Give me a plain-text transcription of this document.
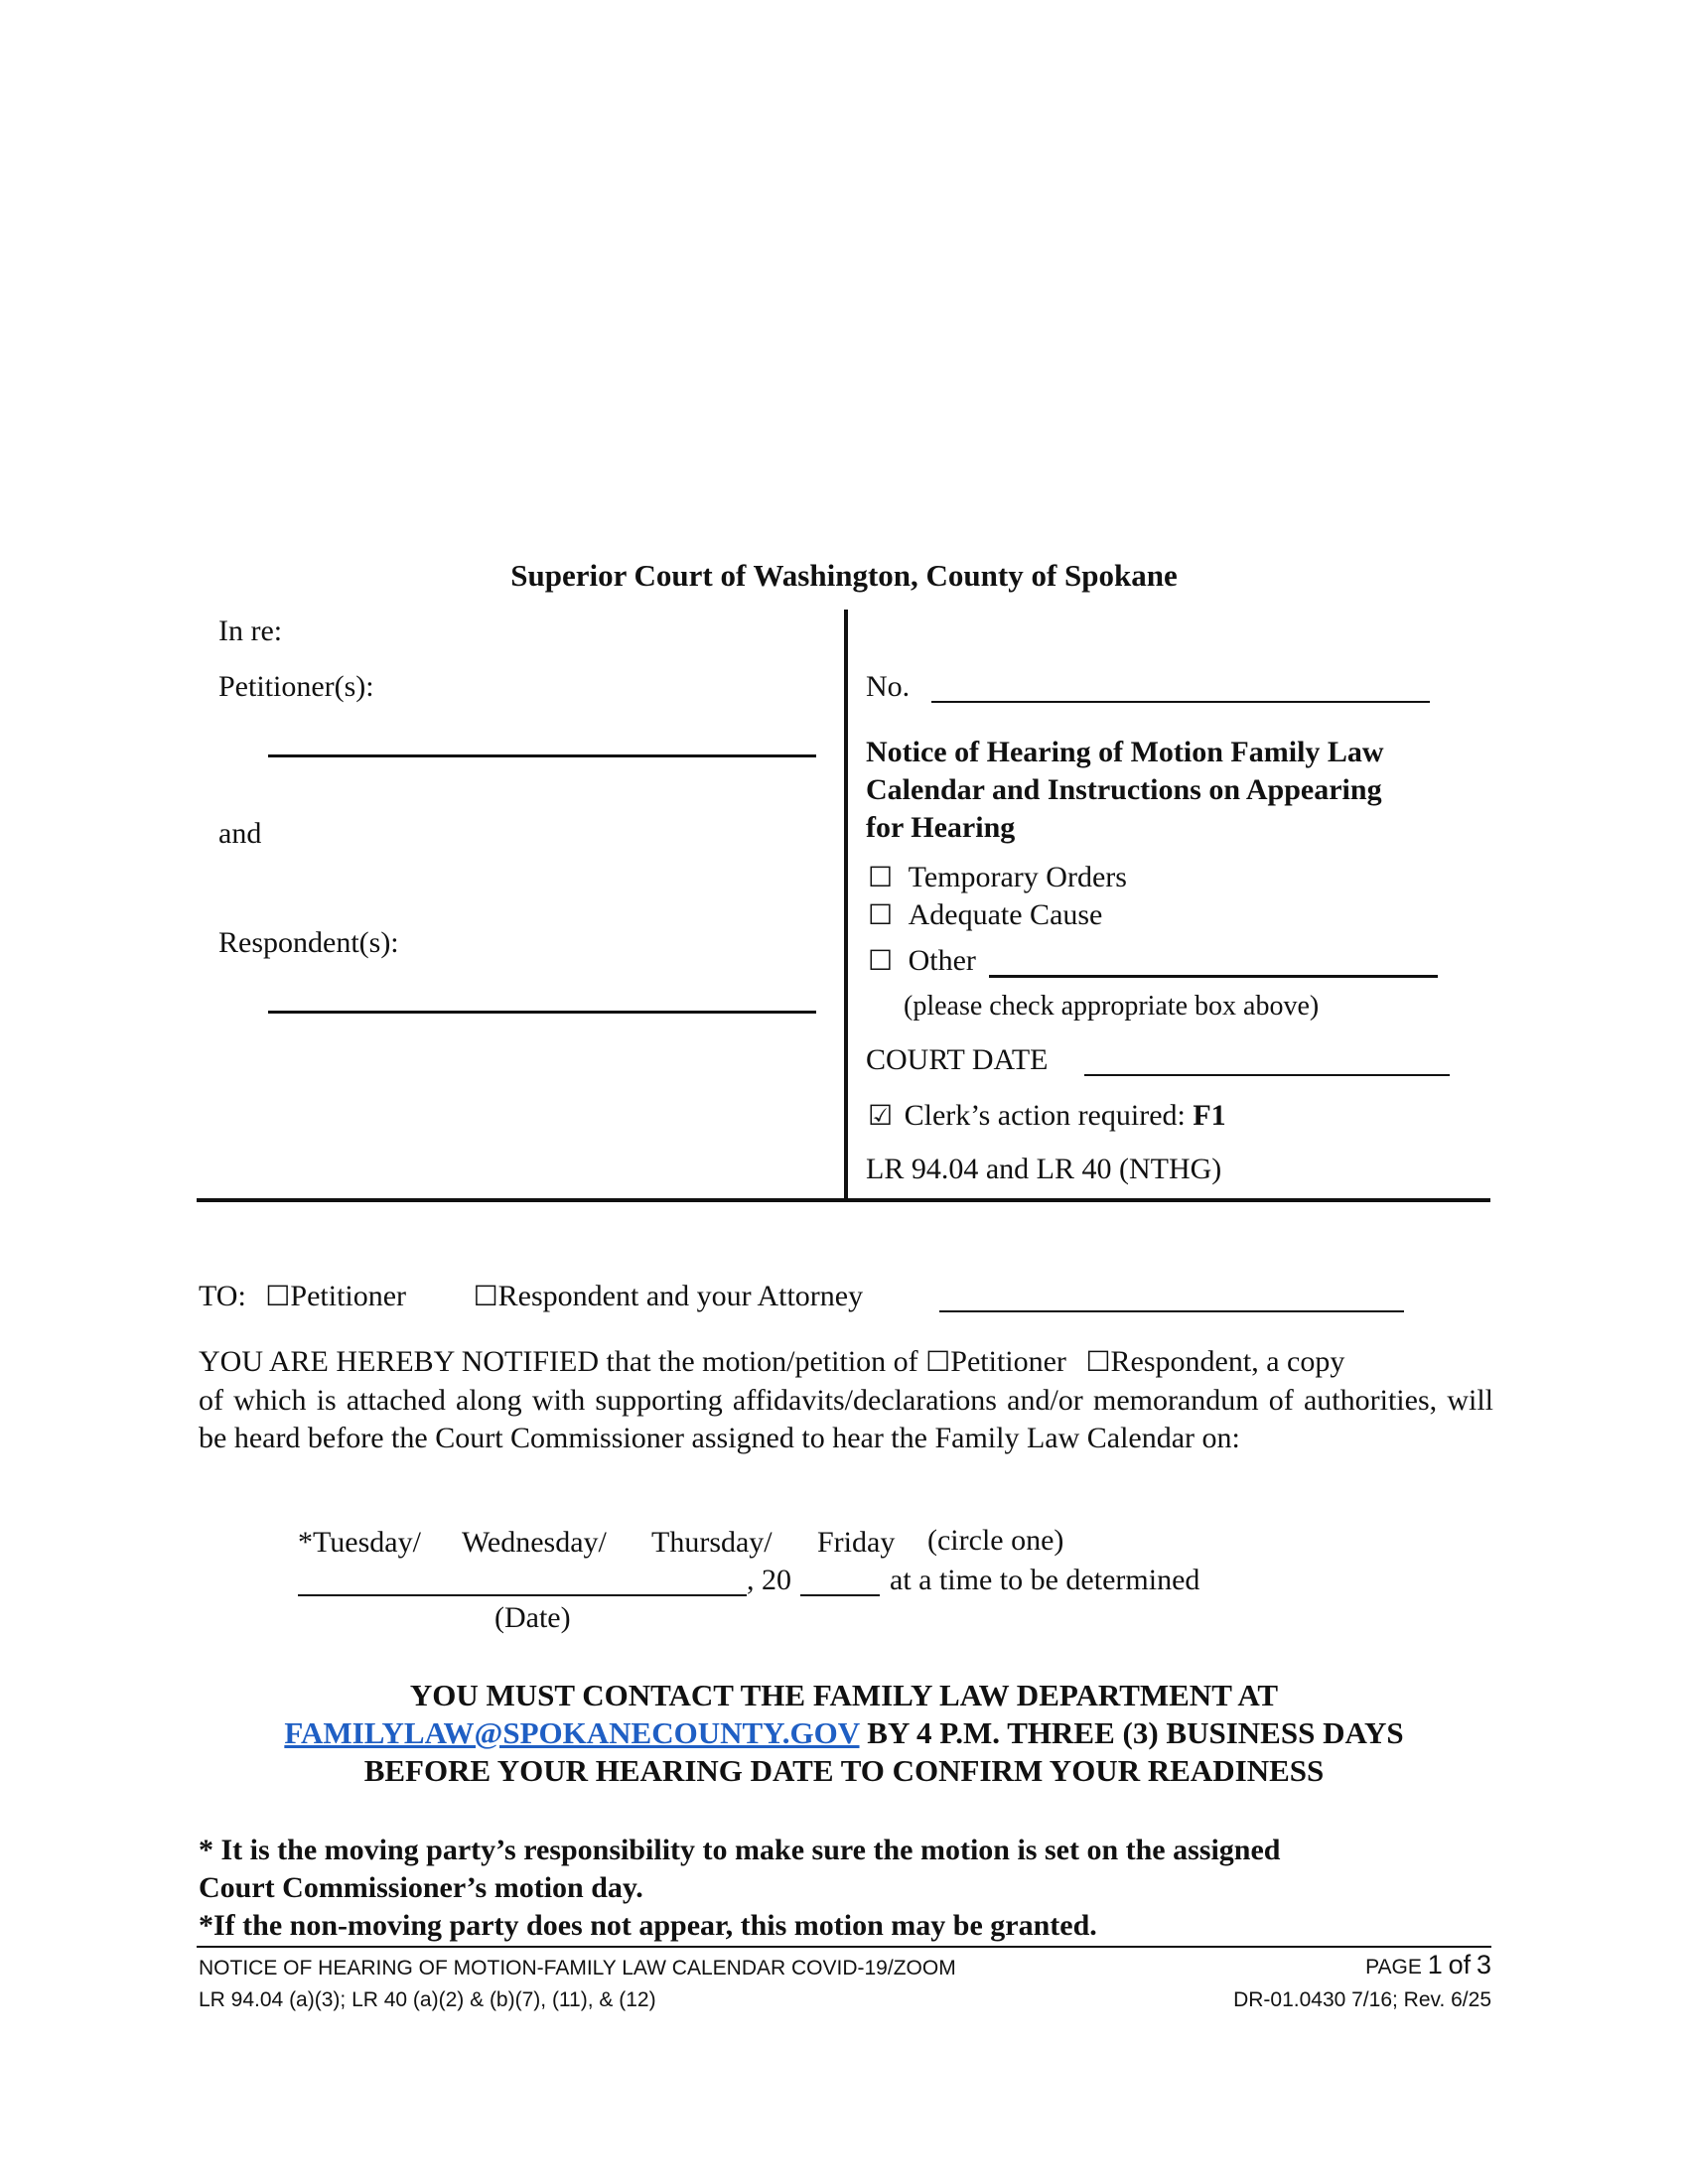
Superior Court of Washington, County of Spokane
In re:
Petitioner(s):
and
Respondent(s):
No.
Notice of Hearing of Motion Family Law
Calendar and Instructions on Appearing
for Hearing
☐ Temporary Orders
☐ Adequate Cause
☐ Other
(please check appropriate box above)
COURT DATE
☑ Clerk’s action required: F1
LR 94.04 and LR 40 (NTHG)
TO: ☐Petitioner ☐Respondent and your Attorney
YOU ARE HEREBY NOTIFIED that the motion/petition of ☐Petitioner ☐Respondent, a copy
of which is attached along with supporting affidavits/declarations and/or memorandum of authorities, will be heard before the Court Commissioner assigned to hear the Family Law Calendar on:
*Tuesday/ Wednesday/ Thursday/ Friday (circle one)
, 20	at a time to be determined
(Date)
YOU MUST CONTACT THE FAMILY LAW DEPARTMENT AT
FAMILYLAW@SPOKANECOUNTY.GOV BY 4 P.M. THREE (3) BUSINESS DAYS
BEFORE YOUR HEARING DATE TO CONFIRM YOUR READINESS
* It is the moving party’s responsibility to make sure the motion is set on the assigned
Court Commissioner’s motion day.
*If the non-moving party does not appear, this motion may be granted.
NOTICE OF HEARING OF MOTION-FAMILY LAW CALENDAR COVID-19/ZOOM
LR 94.04 (a)(3); LR 40 (a)(2) & (b)(7), (11), & (12)
PAGE 1 of 3
DR-01.0430 7/16; Rev. 6/25
